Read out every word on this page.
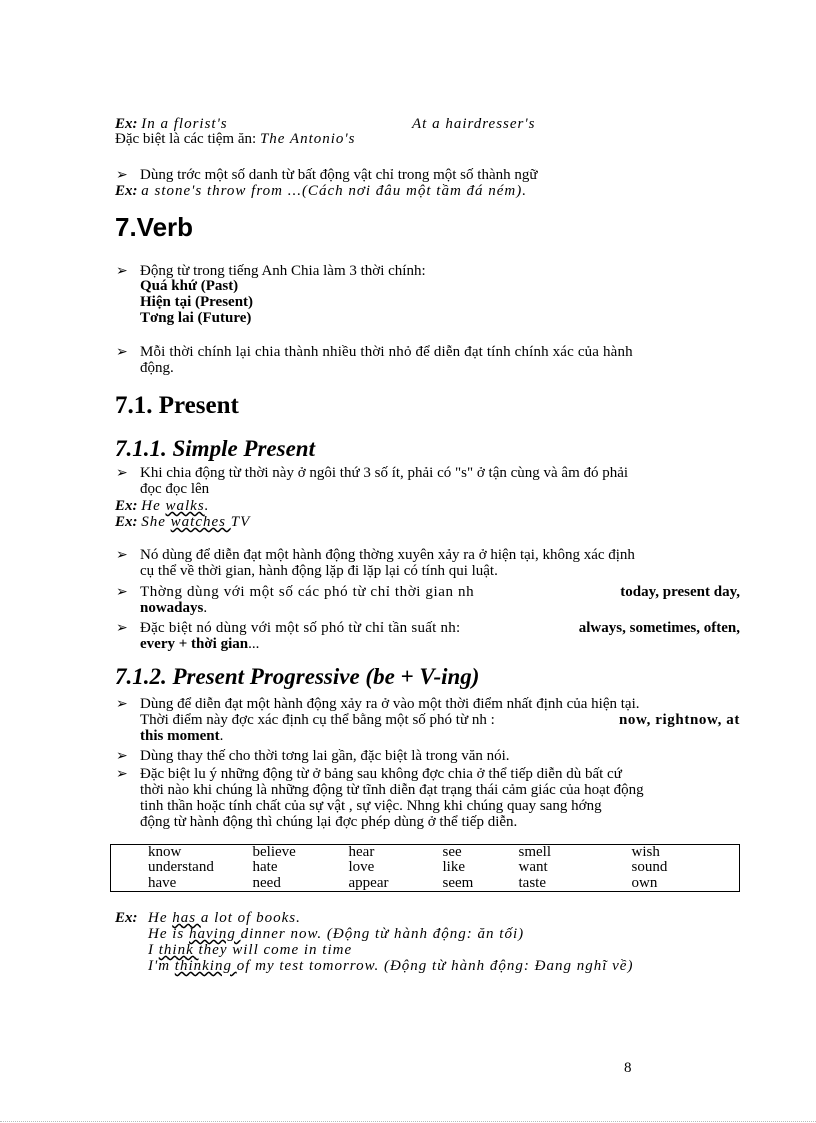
Ex: In a florist's	At a hairdresser's
Đặc biệt là các tiệm ăn: The Antonio's
➢ Dùng trớc một số danh từ bất động vật chỉ trong một số thành ngữ
Ex: a stone's throw from ...(Cách nơi đâu một tầm đá ném).
7.Verb
➢ Động từ trong tiếng Anh Chia làm 3 thời chính:
Quá khứ (Past)
Hiện tại (Present)
Tơng lai (Future)
➢ Mỗi thời chính lại chia thành nhiều thời nhỏ để diễn đạt tính chính xác của hành
động.
7.1. Present
7.1.1. Simple Present
➢ Khi chia động từ thời này ở ngôi thứ 3 số ít, phải có "s" ở tận cùng và âm đó phải
đọc đọc lên
Ex: He walks.
Ex: She watches TV
➢ Nó dùng để diễn đạt một hành động thờng xuyên xảy ra ở hiện tại, không xác định
cụ thể về thời gian, hành động lặp đi lặp lại có tính qui luật.
➢ Thờng dùng với một số các phó từ chỉ thời gian nh	today, present day,
nowadays.
➢ Đặc biệt nó dùng với một số phó từ chỉ tần suất nh:	always, sometimes, often,
every + thời gian...
7.1.2. Present Progressive (be + V-ing)
➢ Dùng để diễn đạt một hành động xảy ra ở vào một thời điểm nhất định của hiện tại.
Thời điểm này đợc xác định cụ thể bằng một số phó từ nh :	now, rightnow, at
this moment.
➢ Dùng thay thế cho thời tơng lai gần, đặc biệt là trong văn nói.
➢ Đặc biệt lu ý những động từ ở bảng sau không đợc chia ở thể tiếp diễn dù bất cứ
thời nào khi chúng là những động từ tĩnh diễn đạt trạng thái cảm giác của hoạt động
tinh thần hoặc tính chất của sự vật , sự việc. Nhng khi chúng quay sang hớng
động từ hành động thì chúng lại đợc phép dùng ở thể tiếp diễn.
know	believe	hear	see	smell	wish
understand	hate	love	like	want	sound
have	need	appear	seem	taste	own
Ex: He has a lot of books.
He is having dinner now. (Động từ hành động: ăn tối)
I think they will come in time
I'm thinking of my test tomorrow. (Động từ hành động: Đang nghĩ về)
8
